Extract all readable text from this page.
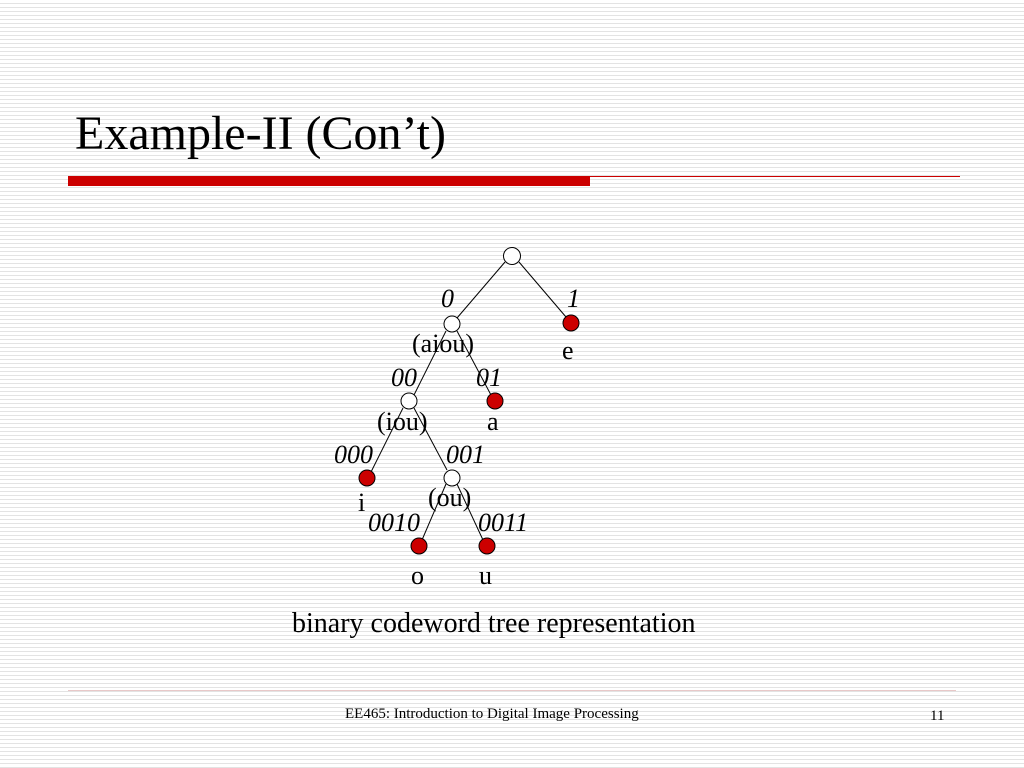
Example-II (Con’t)
0	1
00 01
000	001
0010 0011
(aiou)
(iou)
(ou)
e
a
i
o u
binary codeword tree representation
EE465: Introduction to Digital Image Processing	11
